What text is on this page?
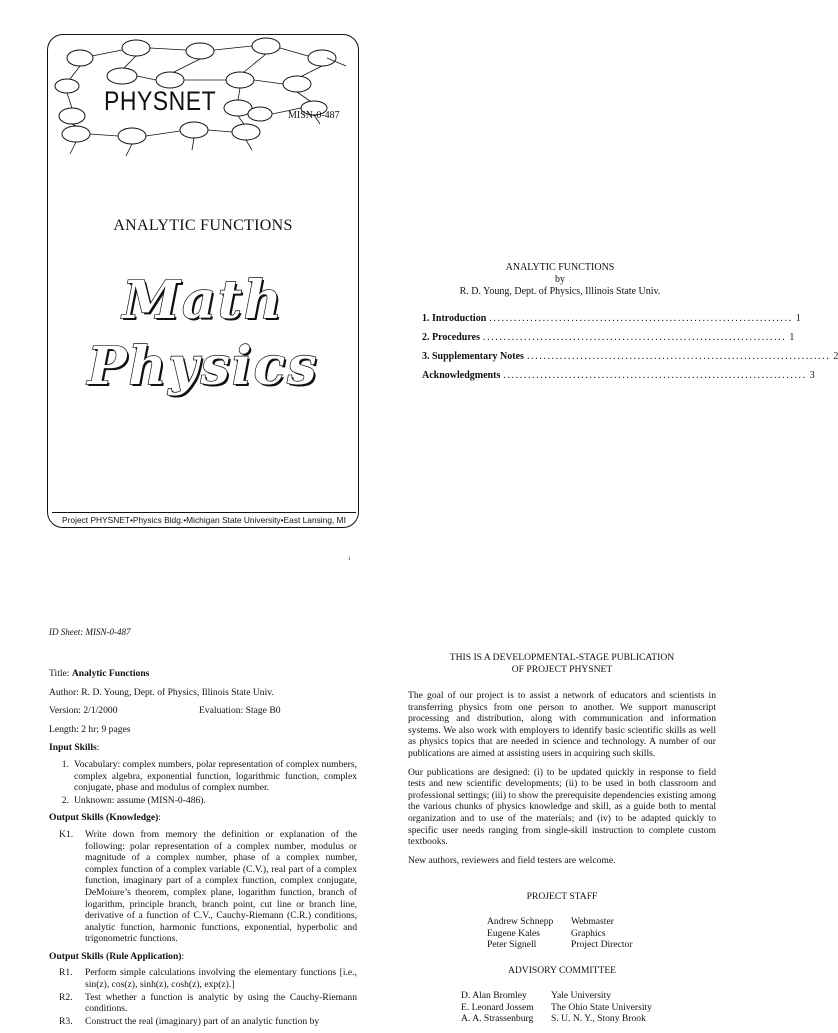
PHYSNET	MISN-0-487
ANALYTIC FUNCTIONS
Math
Physics
Project PHYSNET•Physics Bldg.•Michigan State University•East Lansing, MI
1
ANALYTIC FUNCTIONS
by
R. D. Young, Dept. of Physics, Illinois State Univ.
1. Introduction .......................................................................... 1
2. Procedures .......................................................................... 1
3. Supplementary Notes .......................................................................... 2
Acknowledgments .......................................................................... 3
ID Sheet: MISN-0-487

Title: Analytic Functions

Author: R. D. Young, Dept. of Physics, Illinois State Univ.

Version: 2/1/2000	Evaluation: Stage B0

Length: 2 hr; 9 pages

Input Skills:
1. Vocabulary: complex numbers, polar representation of complex numbers, complex algebra, exponential function, logarithmic function, complex conjugate, phase and modulus of complex number.
2. Unknown: assume (MISN-0-486).
Output Skills (Knowledge):
K1.	Write down from memory the definition or explanation of the following: polar representation of a complex number, modulus or magnitude of a complex number, phase of a complex number, complex function of a complex variable (C.V.), real part of a complex function, imaginary part of a complex function, complex conjugate, DeMoiure’s theorem, complex plane, logarithm function, branch of logarithm, principle branch, branch point, cut line or branch line, derivative of a function of C.V., Cauchy-Riemann (C.R.) conditions, analytic function, harmonic functions, exponential, hyperbolic and trigonometric functions.
Output Skills (Rule Application):
R1.	Perform simple calculations involving the elementary functions [i.e., sin(z), cos(z), sinh(z), cosh(z), exp(z).]
R2.	Test whether a function is analytic by using the Cauchy-Riemann conditions.
R3.	Construct the real (imaginary) part of an analytic function by
THIS IS A DEVELOPMENTAL-STAGE PUBLICATION
OF PROJECT PHYSNET

The goal of our project is to assist a network of educators and scientists in transferring physics from one person to another. We support manuscript processing and distribution, along with communication and information systems. We also work with employers to identify basic scientific skills as well as physics topics that are needed in science and technology. A number of our publications are aimed at assisting users in acquiring such skills.

Our publications are designed: (i) to be updated quickly in response to field tests and new scientific developments; (ii) to be used in both classroom and professional settings; (iii) to show the prerequisite dependencies existing among the various chunks of physics knowledge and skill, as a guide both to mental organization and to use of the materials; and (iv) to be adapted quickly to specific user needs ranging from single-skill instruction to complete custom textbooks.

New authors, reviewers and field testers are welcome.

PROJECT STAFF
Andrew Schnepp	Webmaster
Eugene Kales	Graphics
Peter Signell	Project Director
ADVISORY COMMITTEE
D. Alan Bromley	Yale University
E. Leonard Jossem	The Ohio State University
A. A. Strassenburg	S. U. N. Y., Stony Brook
